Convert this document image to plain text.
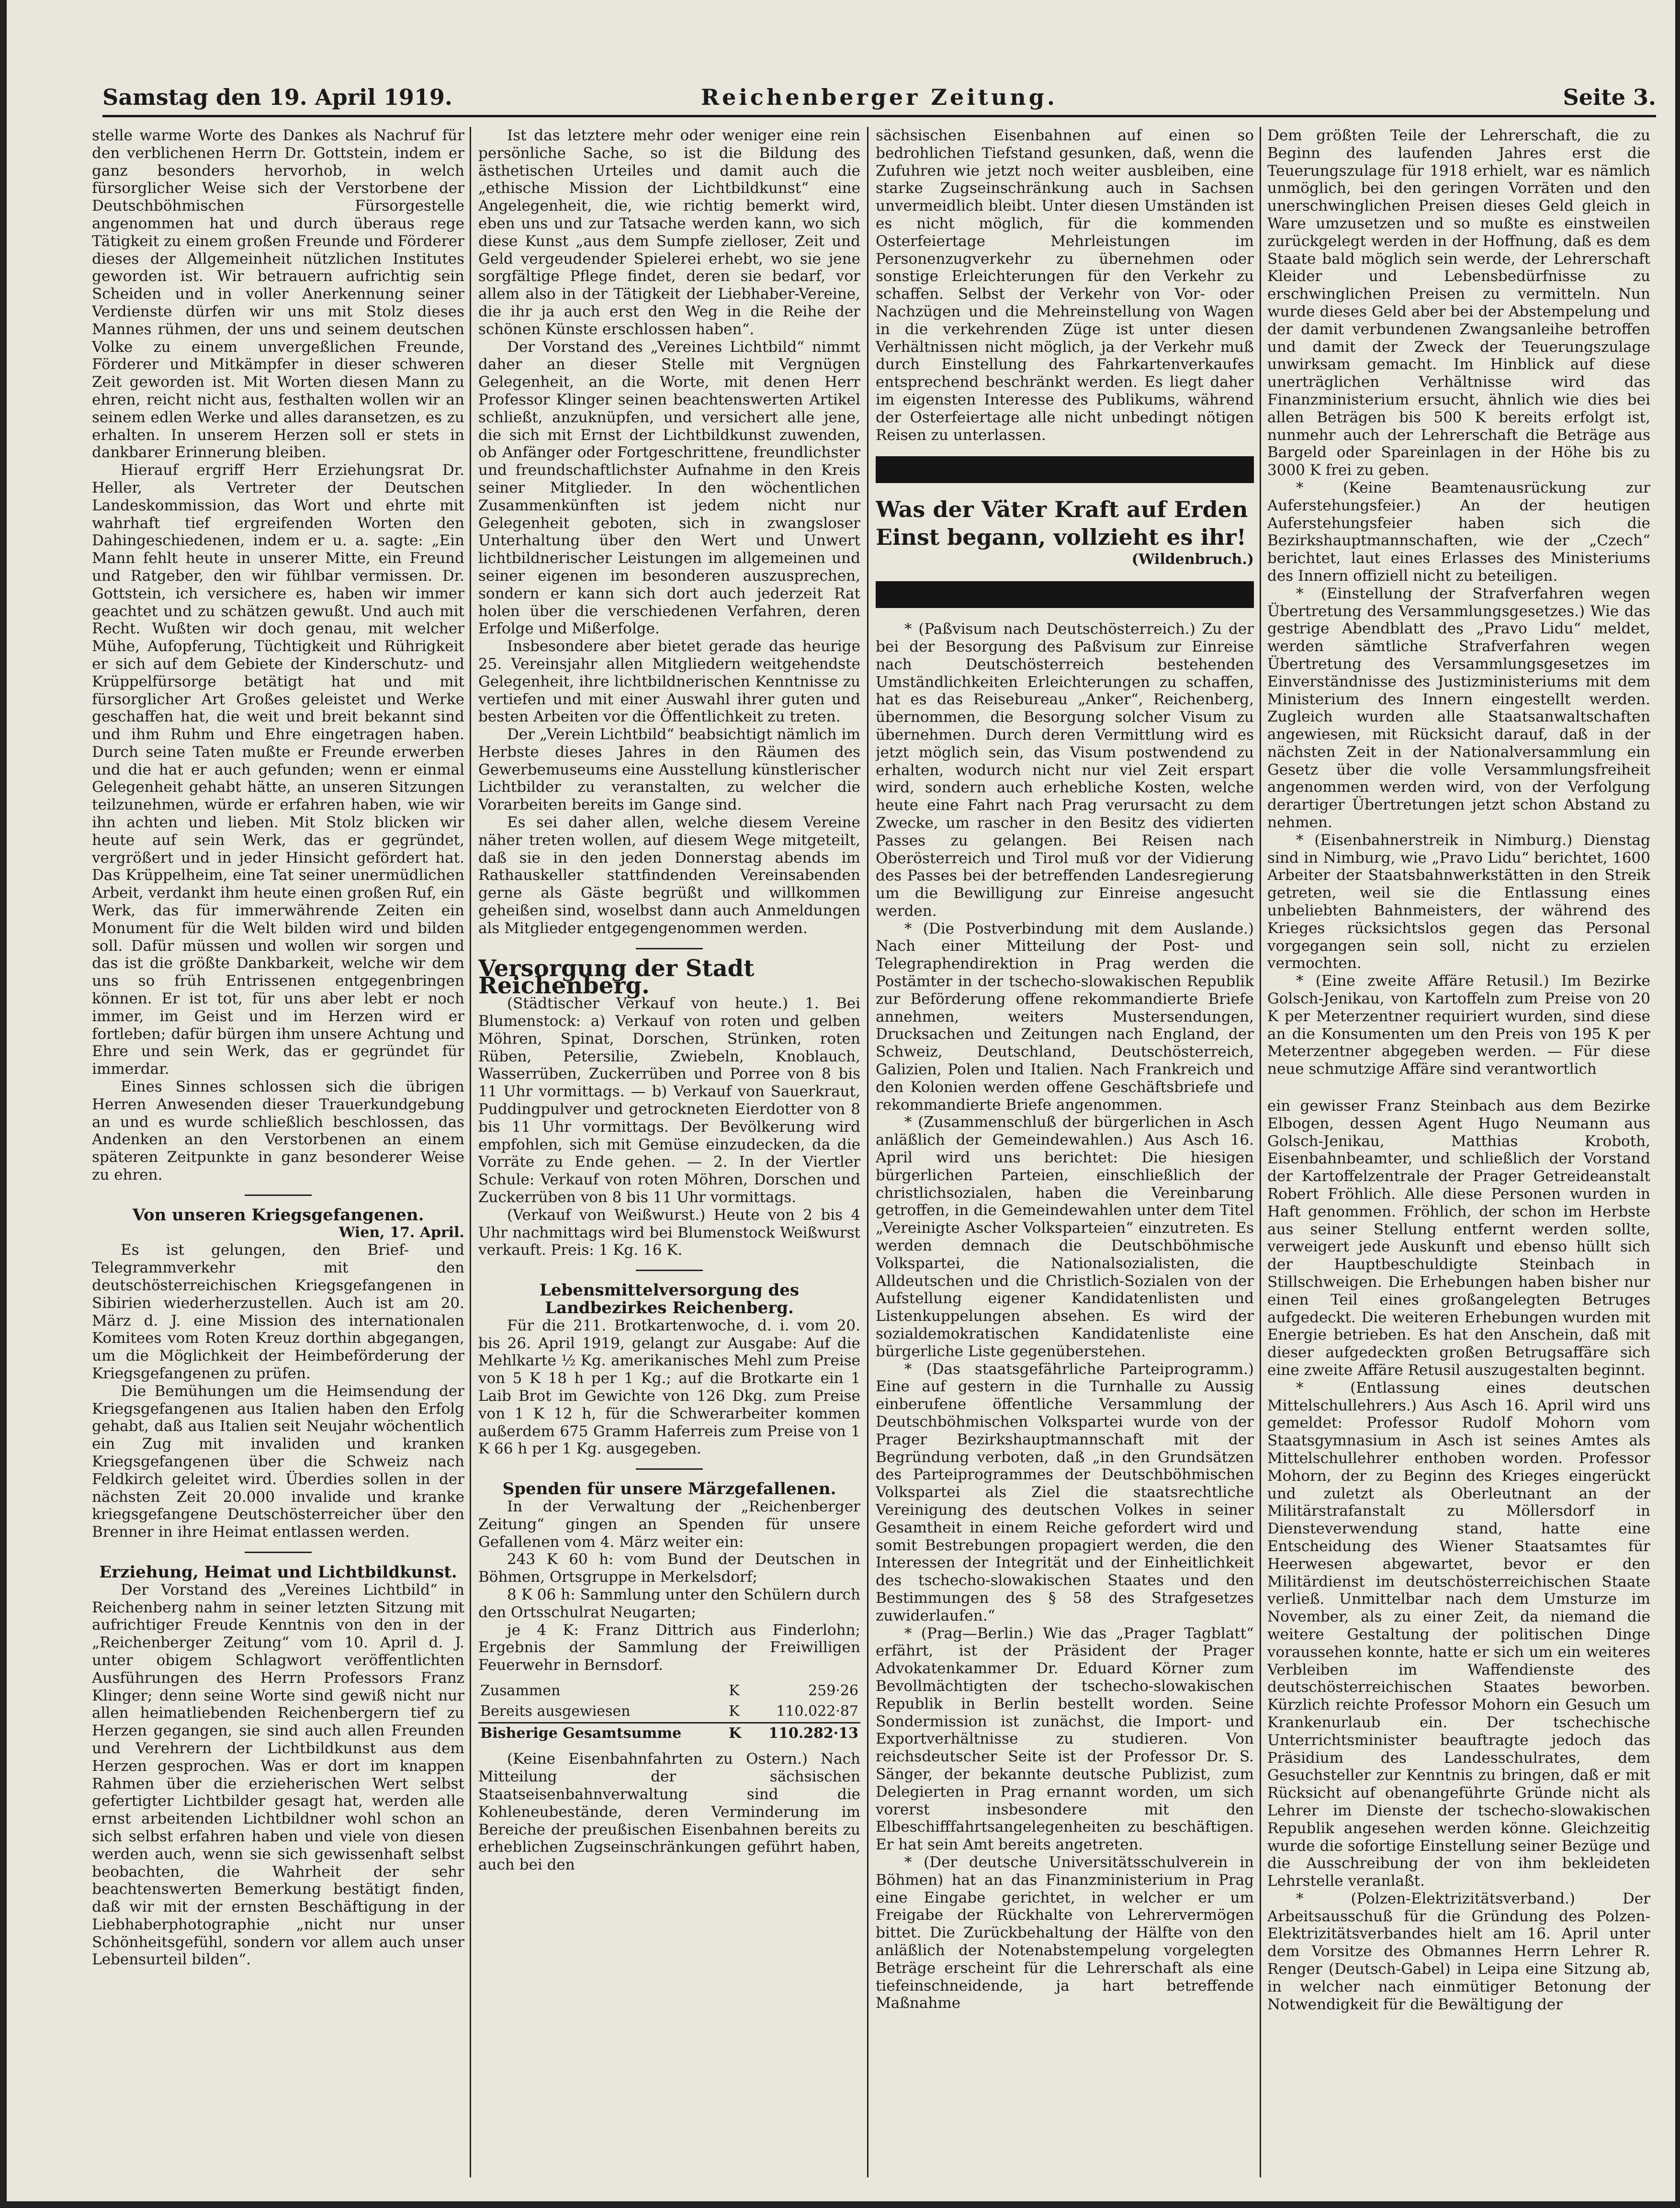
Samstag den 19. April 1919.	Reichenberger Zeitung.	Seite 3.

stelle warme Worte des Dankes als Nachruf für den verblichenen Herrn Dr. Gottstein, indem er ganz besonders hervorhob, in welch fürsorglicher Weise sich der Verstorbene der Deutschböhmischen Fürsorgestelle angenommen hat und durch überaus rege Tätigkeit zu einem großen Freunde und Förderer dieses der Allgemeinheit nützlichen Institutes geworden ist. Wir betrauern aufrichtig sein Scheiden und in voller Anerkennung seiner Verdienste dürfen wir uns mit Stolz dieses Mannes rühmen, der uns und seinem deutschen Volke zu einem unvergeßlichen Freunde, Förderer und Mitkämpfer in dieser schweren Zeit geworden ist. Mit Worten diesen Mann zu ehren, reicht nicht aus, festhalten wollen wir an seinem edlen Werke und alles daransetzen, es zu erhalten. In unserem Herzen soll er stets in dankbarer Erinnerung bleiben.

Hierauf ergriff Herr Erziehungsrat Dr. Heller, als Vertreter der Deutschen Landeskommission, das Wort und ehrte mit wahrhaft tief ergreifenden Worten den Dahingeschiedenen, indem er u. a. sagte: „Ein Mann fehlt heute in unserer Mitte, ein Freund und Ratgeber, den wir fühlbar vermissen. Dr. Gottstein, ich versichere es, haben wir immer geachtet und zu schätzen gewußt. Und auch mit Recht. Wußten wir doch genau, mit welcher Mühe, Aufopferung, Tüchtigkeit und Rührigkeit er sich auf dem Gebiete der Kinderschutz- und Krüppelfürsorge betätigt hat und mit fürsorglicher Art Großes geleistet und Werke geschaffen hat, die weit und breit bekannt sind und ihm Ruhm und Ehre eingetragen haben. Durch seine Taten mußte er Freunde erwerben und die hat er auch gefunden; wenn er einmal Gelegenheit gehabt hätte, an unseren Sitzungen teilzunehmen, würde er erfahren haben, wie wir ihn achten und lieben. Mit Stolz blicken wir heute auf sein Werk, das er gegründet, vergrößert und in jeder Hinsicht gefördert hat. Das Krüppelheim, eine Tat seiner unermüdlichen Arbeit, verdankt ihm heute einen großen Ruf, ein Werk, das für immerwährende Zeiten ein Monument für die Welt bilden wird und bilden soll. Dafür müssen und wollen wir sorgen und das ist die größte Dankbarkeit, welche wir dem uns so früh Entrissenen entgegenbringen können. Er ist tot, für uns aber lebt er noch immer, im Geist und im Herzen wird er fortleben; dafür bürgen ihm unsere Achtung und Ehre und sein Werk, das er gegründet für immerdar.

Eines Sinnes schlossen sich die übrigen Herren Anwesenden dieser Trauerkundgebung an und es wurde schließlich beschlossen, das Andenken an den Verstorbenen an einem späteren Zeitpunkte in ganz besonderer Weise zu ehren.

Von unseren Kriegsgefangenen.

Wien, 17. April.

Es ist gelungen, den Brief- und Telegrammverkehr mit den deutschösterreichischen Kriegsgefangenen in Sibirien wiederherzustellen. Auch ist am 20. März d. J. eine Mission des internationalen Komitees vom Roten Kreuz dorthin abgegangen, um die Möglichkeit der Heimbeförderung der Kriegsgefangenen zu prüfen.

Die Bemühungen um die Heimsendung der Kriegsgefangenen aus Italien haben den Erfolg gehabt, daß aus Italien seit Neujahr wöchentlich ein Zug mit invaliden und kranken Kriegsgefangenen über die Schweiz nach Feldkirch geleitet wird. Überdies sollen in der nächsten Zeit 20.000 invalide und kranke kriegsgefangene Deutschösterreicher über den Brenner in ihre Heimat entlassen werden.

Erziehung, Heimat und Lichtbildkunst.

Der Vorstand des „Vereines Lichtbild“ in Reichenberg nahm in seiner letzten Sitzung mit aufrichtiger Freude Kenntnis von den in der „Reichenberger Zeitung“ vom 10. April d. J. unter obigem Schlagwort veröffentlichten Ausführungen des Herrn Professors Franz Klinger; denn seine Worte sind gewiß nicht nur allen heimatliebenden Reichenbergern tief zu Herzen gegangen, sie sind auch allen Freunden und Verehrern der Lichtbildkunst aus dem Herzen gesprochen. Was er dort im knappen Rahmen über die erzieherischen Wert selbst gefertigter Lichtbilder gesagt hat, werden alle ernst arbeitenden Lichtbildner wohl schon an sich selbst erfahren haben und viele von diesen werden auch, wenn sie sich gewissenhaft selbst beobachten, die Wahrheit der sehr beachtenswerten Bemerkung bestätigt finden, daß wir mit der ernsten Beschäftigung in der Liebhaberphotographie „nicht nur unser Schönheitsgefühl, sondern vor allem auch unser Lebensurteil bilden“.

Ist das letztere mehr oder weniger eine rein persönliche Sache, so ist die Bildung des ästhetischen Urteiles und damit auch die „ethische Mission der Lichtbildkunst“ eine Angelegenheit, die, wie richtig bemerkt wird, eben uns und zur Tatsache werden kann, wo sich diese Kunst „aus dem Sumpfe zielloser, Zeit und Geld vergeudender Spielerei erhebt, wo sie jene sorgfältige Pflege findet, deren sie bedarf, vor allem also in der Tätigkeit der Liebhaber-Vereine, die ihr ja auch erst den Weg in die Reihe der schönen Künste erschlossen haben“.

Der Vorstand des „Vereines Lichtbild“ nimmt daher an dieser Stelle mit Vergnügen Gelegenheit, an die Worte, mit denen Herr Professor Klinger seinen beachtenswerten Artikel schließt, anzuknüpfen, und versichert alle jene, die sich mit Ernst der Lichtbildkunst zuwenden, ob Anfänger oder Fortgeschrittene, freundlichster und freundschaftlichster Aufnahme in den Kreis seiner Mitglieder. In den wöchentlichen Zusammenkünften ist jedem nicht nur Gelegenheit geboten, sich in zwangsloser Unterhaltung über den Wert und Unwert lichtbildnerischer Leistungen im allgemeinen und seiner eigenen im besonderen auszusprechen, sondern er kann sich dort auch jederzeit Rat holen über die verschiedenen Verfahren, deren Erfolge und Mißerfolge.

Insbesondere aber bietet gerade das heurige 25. Vereinsjahr allen Mitgliedern weitgehendste Gelegenheit, ihre lichtbildnerischen Kenntnisse zu vertiefen und mit einer Auswahl ihrer guten und besten Arbeiten vor die Öffentlichkeit zu treten.

Der „Verein Lichtbild“ beabsichtigt nämlich im Herbste dieses Jahres in den Räumen des Gewerbemuseums eine Ausstellung künstlerischer Lichtbilder zu veranstalten, zu welcher die Vorarbeiten bereits im Gange sind.

Es sei daher allen, welche diesem Vereine näher treten wollen, auf diesem Wege mitgeteilt, daß sie in den jeden Donnerstag abends im Rathauskeller stattfindenden Vereinsabenden gerne als Gäste begrüßt und willkommen geheißen sind, woselbst dann auch Anmeldungen als Mitglieder entgegengenommen werden.

Versorgung der Stadt Reichenberg.

(Städtischer Verkauf von heute.) 1. Bei Blumenstock: a) Verkauf von roten und gelben Möhren, Spinat, Dorschen, Strünken, roten Rüben, Petersilie, Zwiebeln, Knoblauch, Wasserrüben, Zuckerrüben und Porree von 8 bis 11 Uhr vormittags. — b) Verkauf von Sauerkraut, Puddingpulver und getrockneten Eierdotter von 8 bis 11 Uhr vormittags. Der Bevölkerung wird empfohlen, sich mit Gemüse einzudecken, da die Vorräte zu Ende gehen. — 2. In der Viertler Schule: Verkauf von roten Möhren, Dorschen und Zuckerrüben von 8 bis 11 Uhr vormittags.

(Verkauf von Weißwurst.) Heute von 2 bis 4 Uhr nachmittags wird bei Blumenstock Weißwurst verkauft. Preis: 1 Kg. 16 K.

Lebensmittelversorgung des Landbezirkes Reichenberg.

Für die 211. Brotkartenwoche, d. i. vom 20. bis 26. April 1919, gelangt zur Ausgabe: Auf die Mehlkarte ½ Kg. amerikanisches Mehl zum Preise von 5 K 18 h per 1 Kg.; auf die Brotkarte ein 1 Laib Brot im Gewichte von 126 Dkg. zum Preise von 1 K 12 h, für die Schwerarbeiter kommen außerdem 675 Gramm Haferreis zum Preise von 1 K 66 h per 1 Kg. ausgegeben.

Spenden für unsere Märzgefallenen.

In der Verwaltung der „Reichenberger Zeitung“ gingen an Spenden für unsere Gefallenen vom 4. März weiter ein:

243 K 60 h: vom Bund der Deutschen in Böhmen, Ortsgruppe in Merkelsdorf;

8 K 06 h: Sammlung unter den Schülern durch den Ortsschulrat Neugarten;

je 4 K: Franz Dittrich aus Finderlohn; Ergebnis der Sammlung der Freiwilligen Feuerwehr in Bernsdorf.

Zusammen	K	259·26
Bereits ausgewiesen	K	110.022·87
Bisherige Gesamtsumme	K	110.282·13

(Keine Eisenbahnfahrten zu Ostern.) Nach Mitteilung der sächsischen Staatseisenbahnverwaltung sind die Kohleneubestände, deren Verminderung im Bereiche der preußischen Eisenbahnen bereits zu erheblichen Zugseinschränkungen geführt haben, auch bei den

sächsischen Eisenbahnen auf einen so bedrohlichen Tiefstand gesunken, daß, wenn die Zufuhren wie jetzt noch weiter ausbleiben, eine starke Zugseinschränkung auch in Sachsen unvermeidlich bleibt. Unter diesen Umständen ist es nicht möglich, für die kommenden Osterfeiertage Mehrleistungen im Personenzugverkehr zu übernehmen oder sonstige Erleichterungen für den Verkehr zu schaffen. Selbst der Verkehr von Vor- oder Nachzügen und die Mehreinstellung von Wagen in die verkehrenden Züge ist unter diesen Verhältnissen nicht möglich, ja der Verkehr muß durch Einstellung des Fahrkartenverkaufes entsprechend beschränkt werden. Es liegt daher im eigensten Interesse des Publikums, während der Osterfeiertage alle nicht unbedingt nötigen Reisen zu unterlassen.

Was der Väter Kraft auf Erden Einst begann, vollzieht es ihr!

(Wildenbruch.)

* (Paßvisum nach Deutschösterreich.) Zu der bei der Besorgung des Paßvisum zur Einreise nach Deutschösterreich bestehenden Umständlichkeiten Erleichterungen zu schaffen, hat es das Reisebureau „Anker“, Reichenberg, übernommen, die Besorgung solcher Visum zu übernehmen. Durch deren Vermittlung wird es jetzt möglich sein, das Visum postwendend zu erhalten, wodurch nicht nur viel Zeit erspart wird, sondern auch erhebliche Kosten, welche heute eine Fahrt nach Prag verursacht zu dem Zwecke, um rascher in den Besitz des vidierten Passes zu gelangen. Bei Reisen nach Oberösterreich und Tirol muß vor der Vidierung des Passes bei der betreffenden Landesregierung um die Bewilligung zur Einreise angesucht werden.

* (Die Postverbindung mit dem Auslande.) Nach einer Mitteilung der Post- und Telegraphendirektion in Prag werden die Postämter in der tschecho-slowakischen Republik zur Beförderung offene rekommandierte Briefe annehmen, weiters Mustersendungen, Drucksachen und Zeitungen nach England, der Schweiz, Deutschland, Deutschösterreich, Galizien, Polen und Italien. Nach Frankreich und den Kolonien werden offene Geschäftsbriefe und rekommandierte Briefe angenommen.

* (Zusammenschluß der bürgerlichen in Asch anläßlich der Gemeindewahlen.) Aus Asch 16. April wird uns berichtet: Die hiesigen bürgerlichen Parteien, einschließlich der christlichsozialen, haben die Vereinbarung getroffen, in die Gemeindewahlen unter dem Titel „Vereinigte Ascher Volksparteien“ einzutreten. Es werden demnach die Deutschböhmische Volkspartei, die Nationalsozialisten, die Alldeutschen und die Christlich-Sozialen von der Aufstellung eigener Kandidatenlisten und Listenkuppelungen absehen. Es wird der sozialdemokratischen Kandidatenliste eine bürgerliche Liste gegenüberstehen.

* (Das staatsgefährliche Parteiprogramm.) Eine auf gestern in die Turnhalle zu Aussig einberufene öffentliche Versammlung der Deutschböhmischen Volkspartei wurde von der Prager Bezirkshauptmannschaft mit der Begründung verboten, daß „in den Grundsätzen des Parteiprogrammes der Deutschböhmischen Volkspartei als Ziel die staatsrechtliche Vereinigung des deutschen Volkes in seiner Gesamtheit in einem Reiche gefordert wird und somit Bestrebungen propagiert werden, die den Interessen der Integrität und der Einheitlichkeit des tschecho-slowakischen Staates und den Bestimmungen des § 58 des Strafgesetzes zuwiderlaufen.“

* (Prag—Berlin.) Wie das „Prager Tagblatt“ erfährt, ist der Präsident der Prager Advokatenkammer Dr. Eduard Körner zum Bevollmächtigten der tschecho-slowakischen Republik in Berlin bestellt worden. Seine Sondermission ist zunächst, die Import- und Exportverhältnisse zu studieren. Von reichsdeutscher Seite ist der Professor Dr. S. Sänger, der bekannte deutsche Publizist, zum Delegierten in Prag ernannt worden, um sich vorerst insbesondere mit den Elbeschifffahrtsangelegenheiten zu beschäftigen. Er hat sein Amt bereits angetreten.

* (Der deutsche Universitätsschulverein in Böhmen) hat an das Finanzministerium in Prag eine Eingabe gerichtet, in welcher er um Freigabe der Rückhalte von Lehrervermögen bittet. Die Zurückbehaltung der Hälfte von den anläßlich der Notenabstempelung vorgelegten Beträge erscheint für die Lehrerschaft als eine tiefeinschneidende, ja hart betreffende Maßnahme

Dem größten Teile der Lehrerschaft, die zu Beginn des laufenden Jahres erst die Teuerungszulage für 1918 erhielt, war es nämlich unmöglich, bei den geringen Vorräten und den unerschwinglichen Preisen dieses Geld gleich in Ware umzusetzen und so mußte es einstweilen zurückgelegt werden in der Hoffnung, daß es dem Staate bald möglich sein werde, der Lehrerschaft Kleider und Lebensbedürfnisse zu erschwinglichen Preisen zu vermitteln. Nun wurde dieses Geld aber bei der Abstempelung und der damit verbundenen Zwangsanleihe betroffen und damit der Zweck der Teuerungszulage unwirksam gemacht. Im Hinblick auf diese unerträglichen Verhältnisse wird das Finanzministerium ersucht, ähnlich wie dies bei allen Beträgen bis 500 K bereits erfolgt ist, nunmehr auch der Lehrerschaft die Beträge aus Bargeld oder Spareinlagen in der Höhe bis zu 3000 K frei zu geben.

* (Keine Beamtenausrückung zur Auferstehungsfeier.) An der heutigen Auferstehungsfeier haben sich die Bezirkshauptmannschaften, wie der „Czech“ berichtet, laut eines Erlasses des Ministeriums des Innern offiziell nicht zu beteiligen.

* (Einstellung der Strafverfahren wegen Übertretung des Versammlungsgesetzes.) Wie das gestrige Abendblatt des „Pravo Lidu“ meldet, werden sämtliche Strafverfahren wegen Übertretung des Versammlungsgesetzes im Einverständnisse des Justizministeriums mit dem Ministerium des Innern eingestellt werden. Zugleich wurden alle Staatsanwaltschaften angewiesen, mit Rücksicht darauf, daß in der nächsten Zeit in der Nationalversammlung ein Gesetz über die volle Versammlungsfreiheit angenommen werden wird, von der Verfolgung derartiger Übertretungen jetzt schon Abstand zu nehmen.

* (Eisenbahnerstreik in Nimburg.) Dienstag sind in Nimburg, wie „Pravo Lidu“ berichtet, 1600 Arbeiter der Staatsbahnwerkstätten in den Streik getreten, weil sie die Entlassung eines unbeliebten Bahnmeisters, der während des Krieges rücksichtslos gegen das Personal vorgegangen sein soll, nicht zu erzielen vermochten.

* (Eine zweite Affäre Retusil.) Im Bezirke Golsch-Jenikau, von Kartoffeln zum Preise von 20 K per Meterzentner requiriert wurden, sind diese an die Konsumenten um den Preis von 195 K per Meterzentner abgegeben werden. — Für diese neue schmutzige Affäre sind verantwortlich

ein gewisser Franz Steinbach aus dem Bezirke Elbogen, dessen Agent Hugo Neumann aus Golsch-Jenikau, Matthias Kroboth, Eisenbahnbeamter, und schließlich der Vorstand der Kartoffelzentrale der Prager Getreideanstalt Robert Fröhlich. Alle diese Personen wurden in Haft genommen. Fröhlich, der schon im Herbste aus seiner Stellung entfernt werden sollte, verweigert jede Auskunft und ebenso hüllt sich der Hauptbeschuldigte Steinbach in Stillschweigen. Die Erhebungen haben bisher nur einen Teil eines großangelegten Betruges aufgedeckt. Die weiteren Erhebungen wurden mit Energie betrieben. Es hat den Anschein, daß mit dieser aufgedeckten großen Betrugsaffäre sich eine zweite Affäre Retusil auszugestalten beginnt.

* (Entlassung eines deutschen Mittelschullehrers.) Aus Asch 16. April wird uns gemeldet: Professor Rudolf Mohorn vom Staatsgymnasium in Asch ist seines Amtes als Mittelschullehrer enthoben worden. Professor Mohorn, der zu Beginn des Krieges eingerückt und zuletzt als Oberleutnant an der Militärstrafanstalt zu Möllersdorf in Diensteverwendung stand, hatte eine Entscheidung des Wiener Staatsamtes für Heerwesen abgewartet, bevor er den Militärdienst im deutschösterreichischen Staate verließ. Unmittelbar nach dem Umsturze im November, als zu einer Zeit, da niemand die weitere Gestaltung der politischen Dinge voraussehen konnte, hatte er sich um ein weiteres Verbleiben im Waffendienste des deutschösterreichischen Staates beworben. Kürzlich reichte Professor Mohorn ein Gesuch um Krankenurlaub ein. Der tschechische Unterrichtsminister beauftragte jedoch das Präsidium des Landesschulrates, dem Gesuchsteller zur Kenntnis zu bringen, daß er mit Rücksicht auf obenangeführte Gründe nicht als Lehrer im Dienste der tschecho-slowakischen Republik angesehen werden könne. Gleichzeitig wurde die sofortige Einstellung seiner Bezüge und die Ausschreibung der von ihm bekleideten Lehrstelle veranlaßt.

* (Polzen-Elektrizitätsverband.) Der Arbeitsausschuß für die Gründung des Polzen-Elektrizitätsverbandes hielt am 16. April unter dem Vorsitze des Obmannes Herrn Lehrer R. Renger (Deutsch-Gabel) in Leipa eine Sitzung ab, in welcher nach einmütiger Betonung der Notwendigkeit für die Bewältigung der
